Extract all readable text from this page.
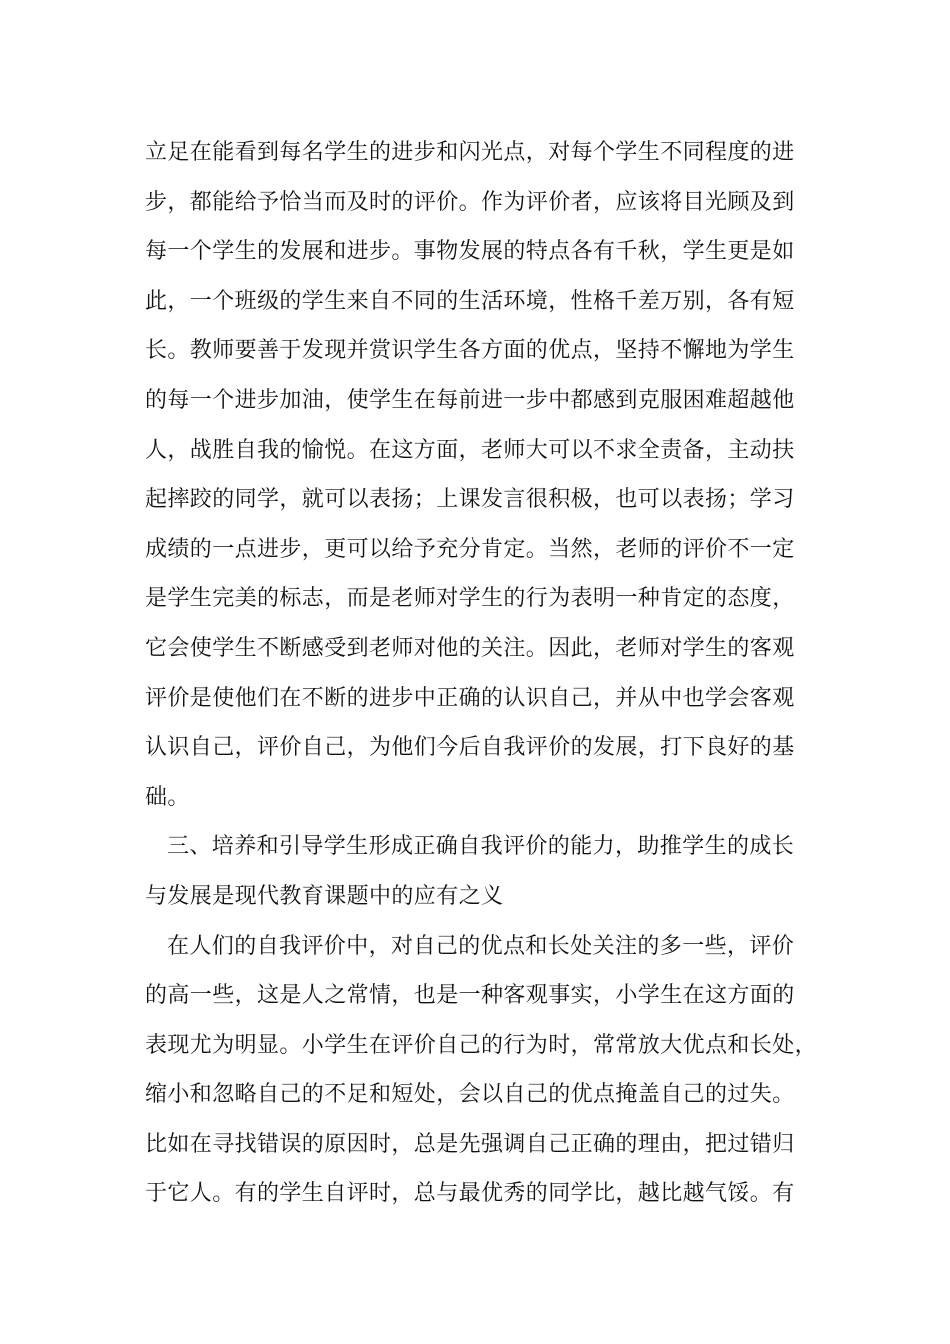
立足在能看到每名学生的进步和闪光点，对每个学生不同程度的进
步，都能给予恰当而及时的评价。作为评价者，应该将目光顾及到
每一个学生的发展和进步。事物发展的特点各有千秋，学生更是如
此，一个班级的学生来自不同的生活环境，性格千差万别，各有短
长。教师要善于发现并赏识学生各方面的优点，坚持不懈地为学生
的每一个进步加油，使学生在每前进一步中都感到克服困难超越他
人，战胜自我的愉悦。在这方面，老师大可以不求全责备，主动扶
起摔跤的同学，就可以表扬；上课发言很积极，也可以表扬；学习
成绩的一点进步，更可以给予充分肯定。当然，老师的评价不一定
是学生完美的标志，而是老师对学生的行为表明一种肯定的态度，
它会使学生不断感受到老师对他的关注。因此，老师对学生的客观
评价是使他们在不断的进步中正确的认识自己，并从中也学会客观
认识自己，评价自己，为他们今后自我评价的发展，打下良好的基
础。
三、培养和引导学生形成正确自我评价的能力，助推学生的成长
与发展是现代教育课题中的应有之义
在人们的自我评价中，对自己的优点和长处关注的多一些，评价
的高一些，这是人之常情，也是一种客观事实，小学生在这方面的
表现尤为明显。小学生在评价自己的行为时，常常放大优点和长处，
缩小和忽略自己的不足和短处，会以自己的优点掩盖自己的过失。
比如在寻找错误的原因时，总是先强调自己正确的理由，把过错归
于它人。有的学生自评时，总与最优秀的同学比，越比越气馁。有
